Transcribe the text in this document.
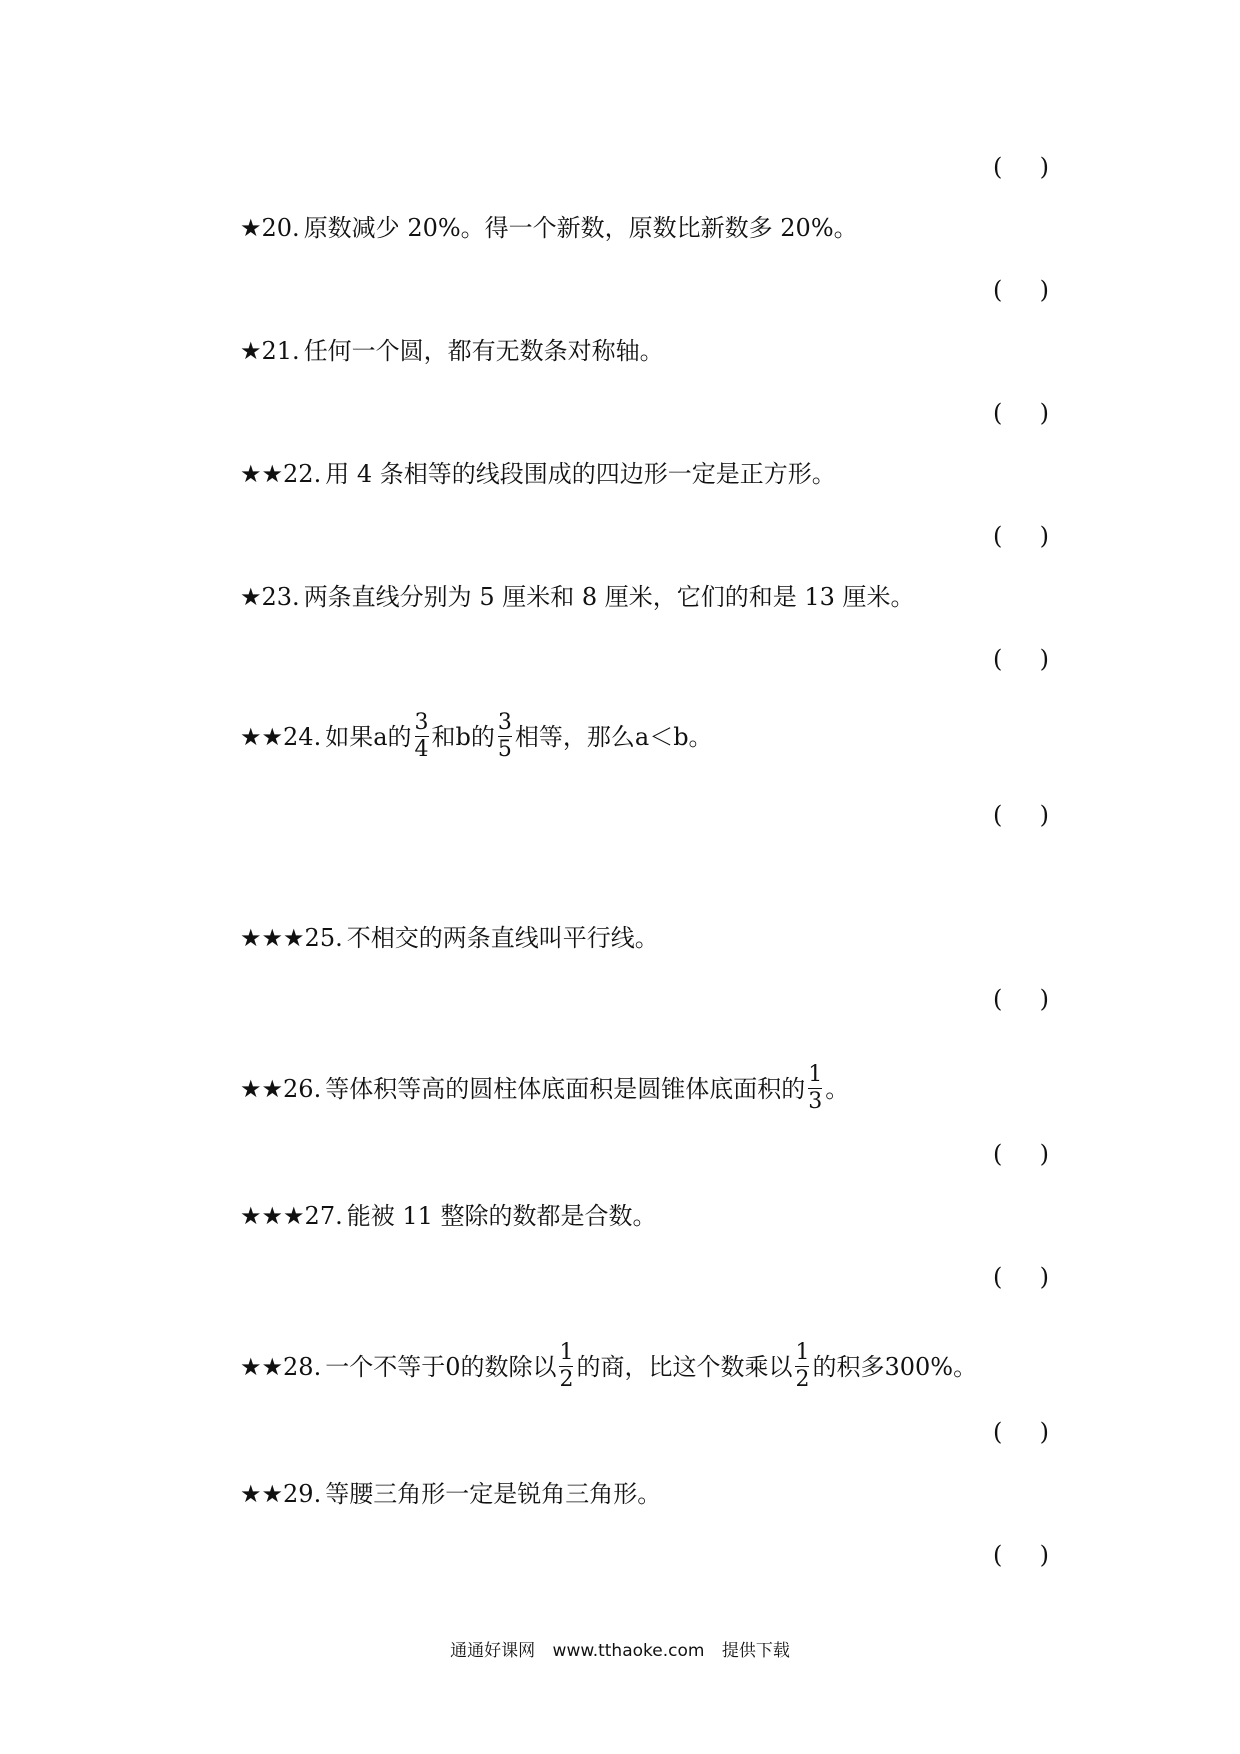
( )
( )
( )
( )
( )
( )
( )
( )
( )
( )
( )
★ 20. 原数减少 20%。得一个新数，原数比新数多 20%。
★ 21. 任何一个圆，都有无数条对称轴。
★★ 22. 用 4 条相等的线段围成的四边形一定是正方形。
★ 23. 两条直线分别为 5 厘米和 8 厘米，它们的和是 13 厘米。
★★ 24. 如果a的 $\frac{3}{4}$ 和b的 $\frac{3}{5}$ 相等，那么a＜b。
★★★ 25. 不相交的两条直线叫平行线。
★★ 26. 等体积等高的圆柱体底面积是圆锥体底面积的 $\frac{1}{3}$ 。
★★★ 27. 能被 11 整除的数都是合数。
★★ 28. 一个不等于0的数除以 $\frac{1}{2}$ 的商，比这个数乘以 $\frac{1}{2}$ 的积多300%。
★★ 29. 等腰三角形一定是锐角三角形。
通通好课网 www.tthaoke.com 提供下载
